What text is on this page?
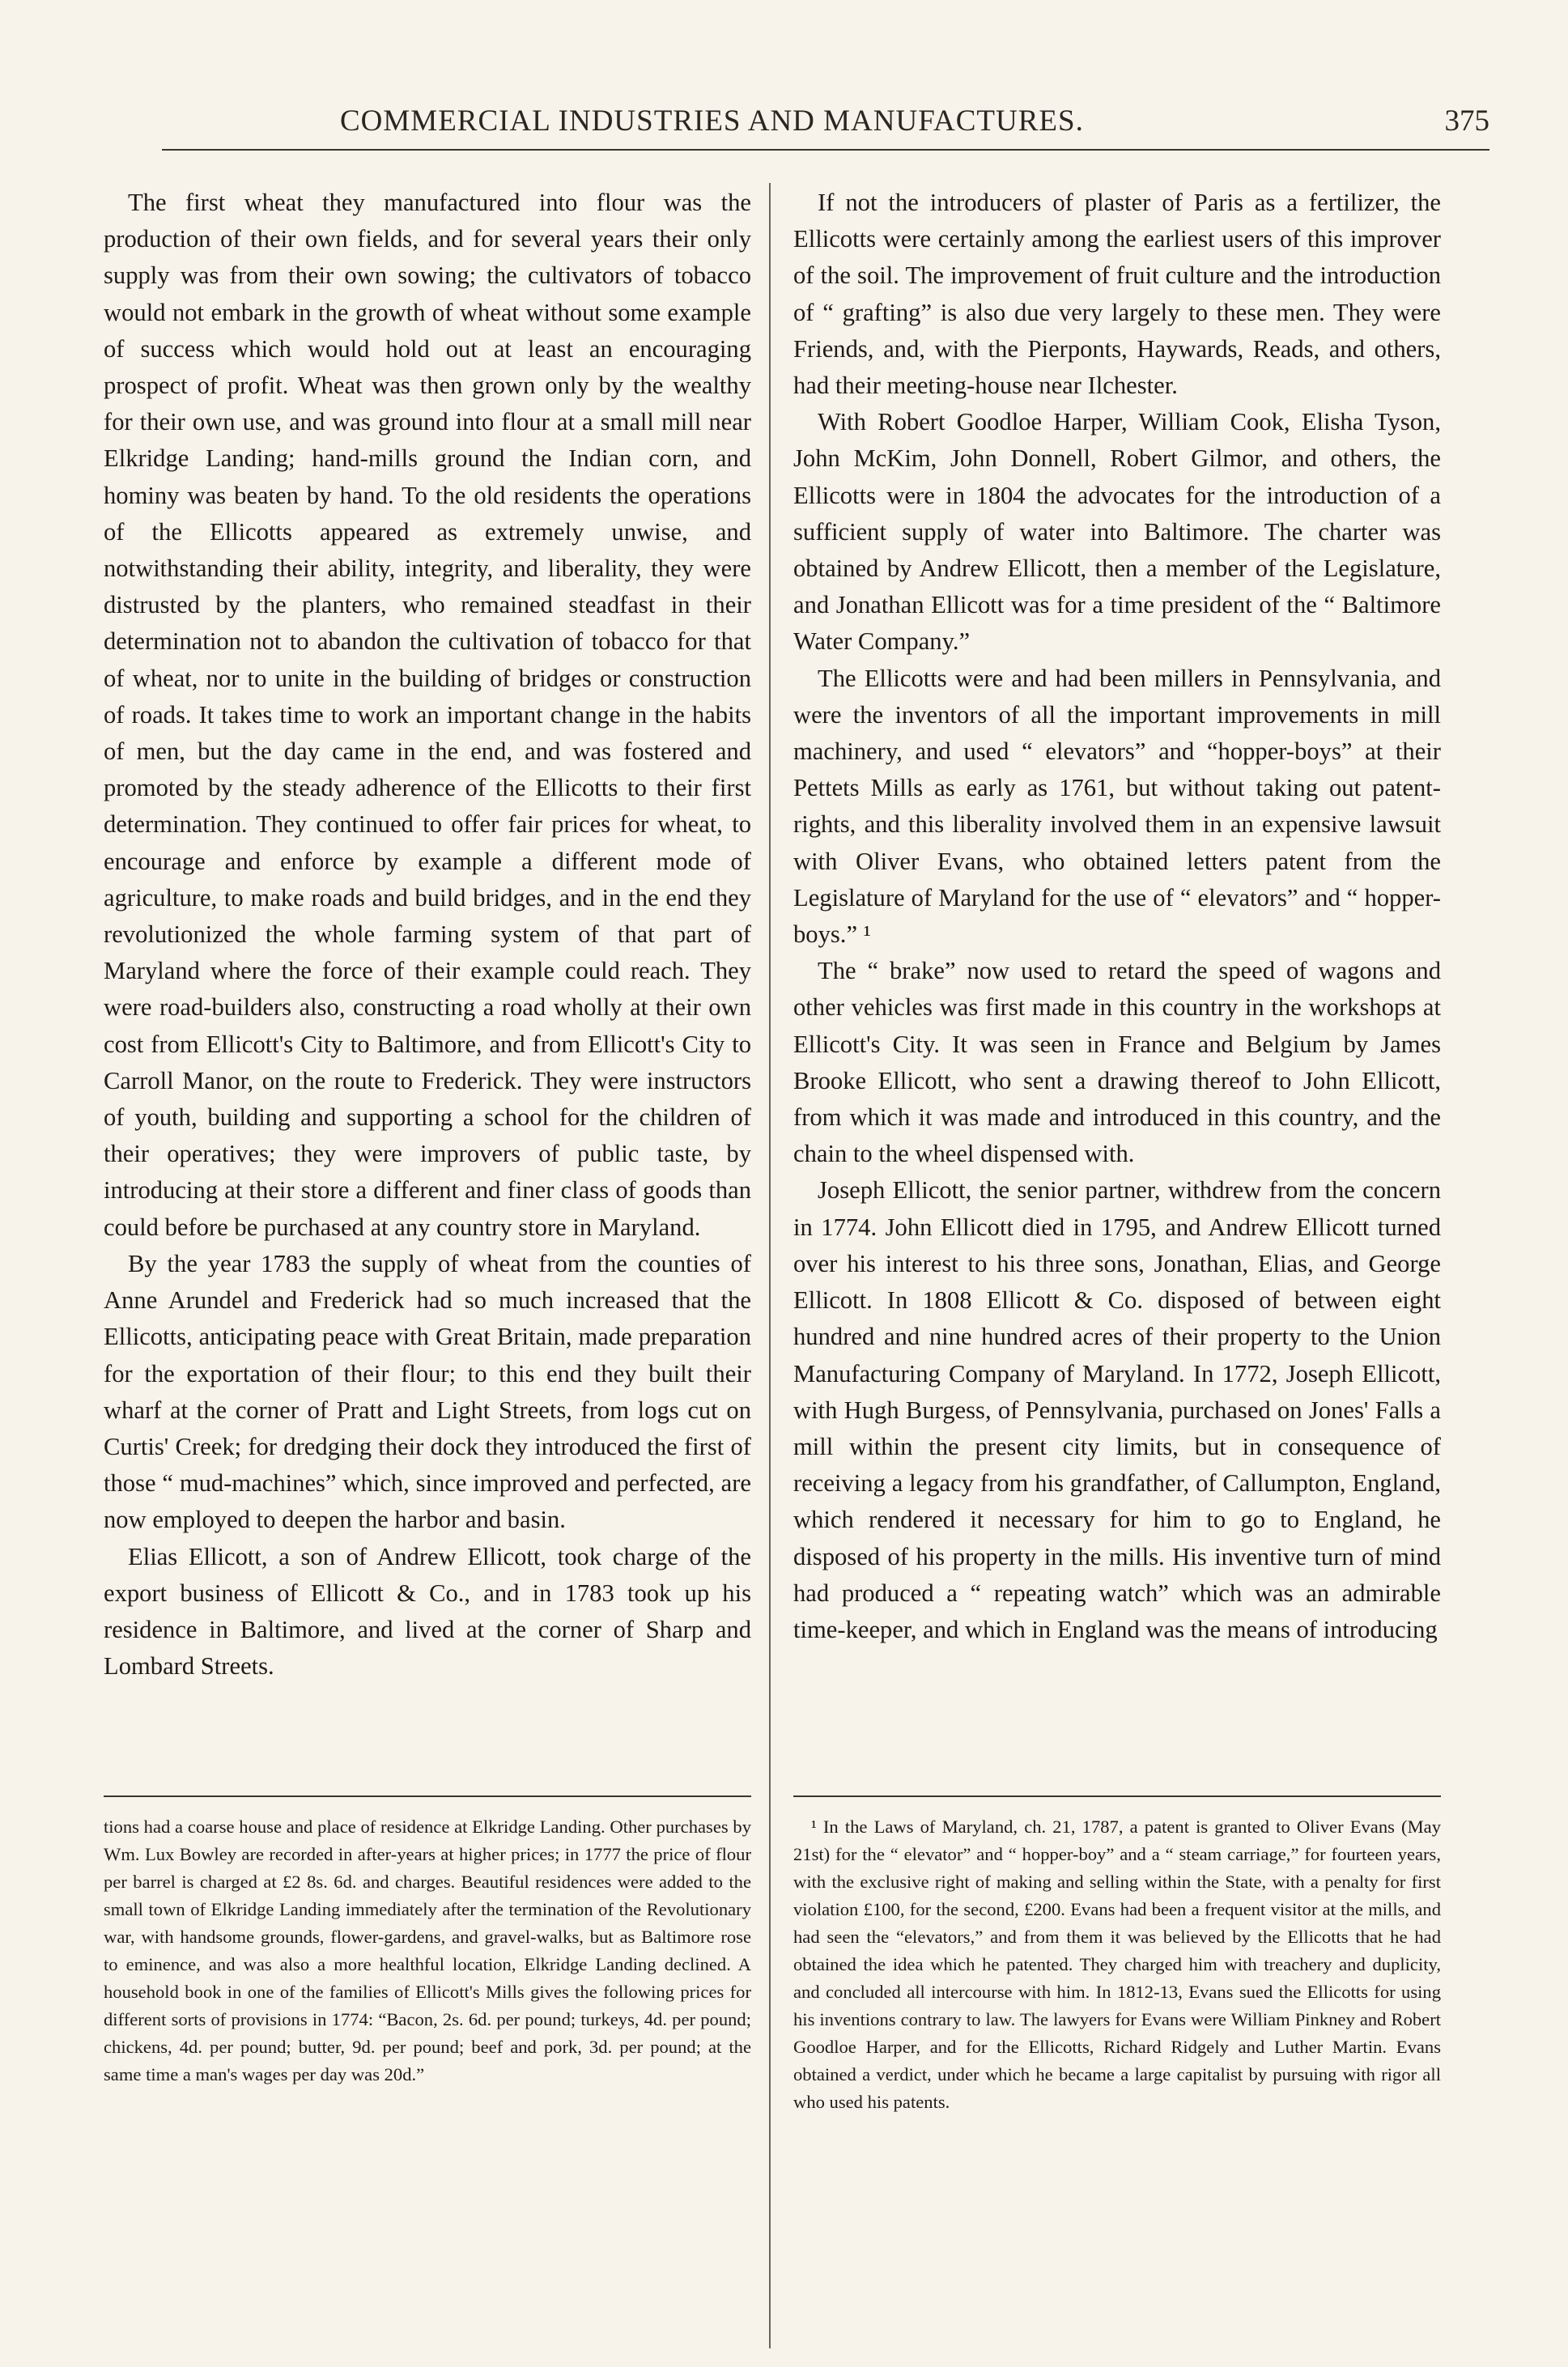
COMMERCIAL INDUSTRIES AND MANUFACTURES.	375

The first wheat they manufactured into flour was the production of their own fields, and for several years their only supply was from their own sowing; the cultivators of tobacco would not embark in the growth of wheat without some example of success which would hold out at least an encouraging prospect of profit. Wheat was then grown only by the wealthy for their own use, and was ground into flour at a small mill near Elkridge Landing; hand-mills ground the Indian corn, and hominy was beaten by hand. To the old residents the operations of the Ellicotts appeared as extremely unwise, and notwithstanding their ability, integrity, and liberality, they were distrusted by the planters, who remained steadfast in their determination not to abandon the cultivation of tobacco for that of wheat, nor to unite in the building of bridges or construction of roads. It takes time to work an important change in the habits of men, but the day came in the end, and was fostered and promoted by the steady adherence of the Ellicotts to their first determination. They continued to offer fair prices for wheat, to encourage and enforce by example a different mode of agriculture, to make roads and build bridges, and in the end they revolutionized the whole farming system of that part of Maryland where the force of their example could reach. They were road-builders also, constructing a road wholly at their own cost from Ellicott's City to Baltimore, and from Ellicott's City to Carroll Manor, on the route to Frederick. They were instructors of youth, building and supporting a school for the children of their operatives; they were improvers of public taste, by introducing at their store a different and finer class of goods than could before be purchased at any country store in Maryland.

By the year 1783 the supply of wheat from the counties of Anne Arundel and Frederick had so much increased that the Ellicotts, anticipating peace with Great Britain, made preparation for the exportation of their flour; to this end they built their wharf at the corner of Pratt and Light Streets, from logs cut on Curtis' Creek; for dredging their dock they introduced the first of those “ mud-machines” which, since improved and perfected, are now employed to deepen the harbor and basin.

Elias Ellicott, a son of Andrew Ellicott, took charge of the export business of Ellicott & Co., and in 1783 took up his residence in Baltimore, and lived at the corner of Sharp and Lombard Streets.

If not the introducers of plaster of Paris as a fertilizer, the Ellicotts were certainly among the earliest users of this improver of the soil. The improvement of fruit culture and the introduction of “ grafting” is also due very largely to these men. They were Friends, and, with the Pierponts, Haywards, Reads, and others, had their meeting-house near Ilchester.

With Robert Goodloe Harper, William Cook, Elisha Tyson, John McKim, John Donnell, Robert Gilmor, and others, the Ellicotts were in 1804 the advocates for the introduction of a sufficient supply of water into Baltimore. The charter was obtained by Andrew Ellicott, then a member of the Legislature, and Jonathan Ellicott was for a time president of the “ Baltimore Water Company.”

The Ellicotts were and had been millers in Pennsylvania, and were the inventors of all the important improvements in mill machinery, and used “ elevators” and “hopper-boys” at their Pettets Mills as early as 1761, but without taking out patent-rights, and this liberality involved them in an expensive lawsuit with Oliver Evans, who obtained letters patent from the Legislature of Maryland for the use of “ elevators” and “ hopper-boys.” ¹

The “ brake” now used to retard the speed of wagons and other vehicles was first made in this country in the workshops at Ellicott's City. It was seen in France and Belgium by James Brooke Ellicott, who sent a drawing thereof to John Ellicott, from which it was made and introduced in this country, and the chain to the wheel dispensed with.

Joseph Ellicott, the senior partner, withdrew from the concern in 1774. John Ellicott died in 1795, and Andrew Ellicott turned over his interest to his three sons, Jonathan, Elias, and George Ellicott. In 1808 Ellicott & Co. disposed of between eight hundred and nine hundred acres of their property to the Union Manufacturing Company of Maryland. In 1772, Joseph Ellicott, with Hugh Burgess, of Pennsylvania, purchased on Jones' Falls a mill within the present city limits, but in consequence of receiving a legacy from his grandfather, of Callumpton, England, which rendered it necessary for him to go to England, he disposed of his property in the mills. His inventive turn of mind had produced a “ repeating watch” which was an admirable time-keeper, and which in England was the means of introducing

tions had a coarse house and place of residence at Elkridge Landing. Other purchases by Wm. Lux Bowley are recorded in after-years at higher prices; in 1777 the price of flour per barrel is charged at £2 8s. 6d. and charges. Beautiful residences were added to the small town of Elkridge Landing immediately after the termination of the Revolutionary war, with handsome grounds, flower-gardens, and gravel-walks, but as Baltimore rose to eminence, and was also a more healthful location, Elkridge Landing declined. A household book in one of the families of Ellicott's Mills gives the following prices for different sorts of provisions in 1774: “Bacon, 2s. 6d. per pound; turkeys, 4d. per pound; chickens, 4d. per pound; butter, 9d. per pound; beef and pork, 3d. per pound; at the same time a man's wages per day was 20d.”

¹ In the Laws of Maryland, ch. 21, 1787, a patent is granted to Oliver Evans (May 21st) for the “ elevator” and “ hopper-boy” and a “ steam carriage,” for fourteen years, with the exclusive right of making and selling within the State, with a penalty for first violation £100, for the second, £200. Evans had been a frequent visitor at the mills, and had seen the “elevators,” and from them it was believed by the Ellicotts that he had obtained the idea which he patented. They charged him with treachery and duplicity, and concluded all intercourse with him. In 1812-13, Evans sued the Ellicotts for using his inventions contrary to law. The lawyers for Evans were William Pinkney and Robert Goodloe Harper, and for the Ellicotts, Richard Ridgely and Luther Martin. Evans obtained a verdict, under which he became a large capitalist by pursuing with rigor all who used his patents.
